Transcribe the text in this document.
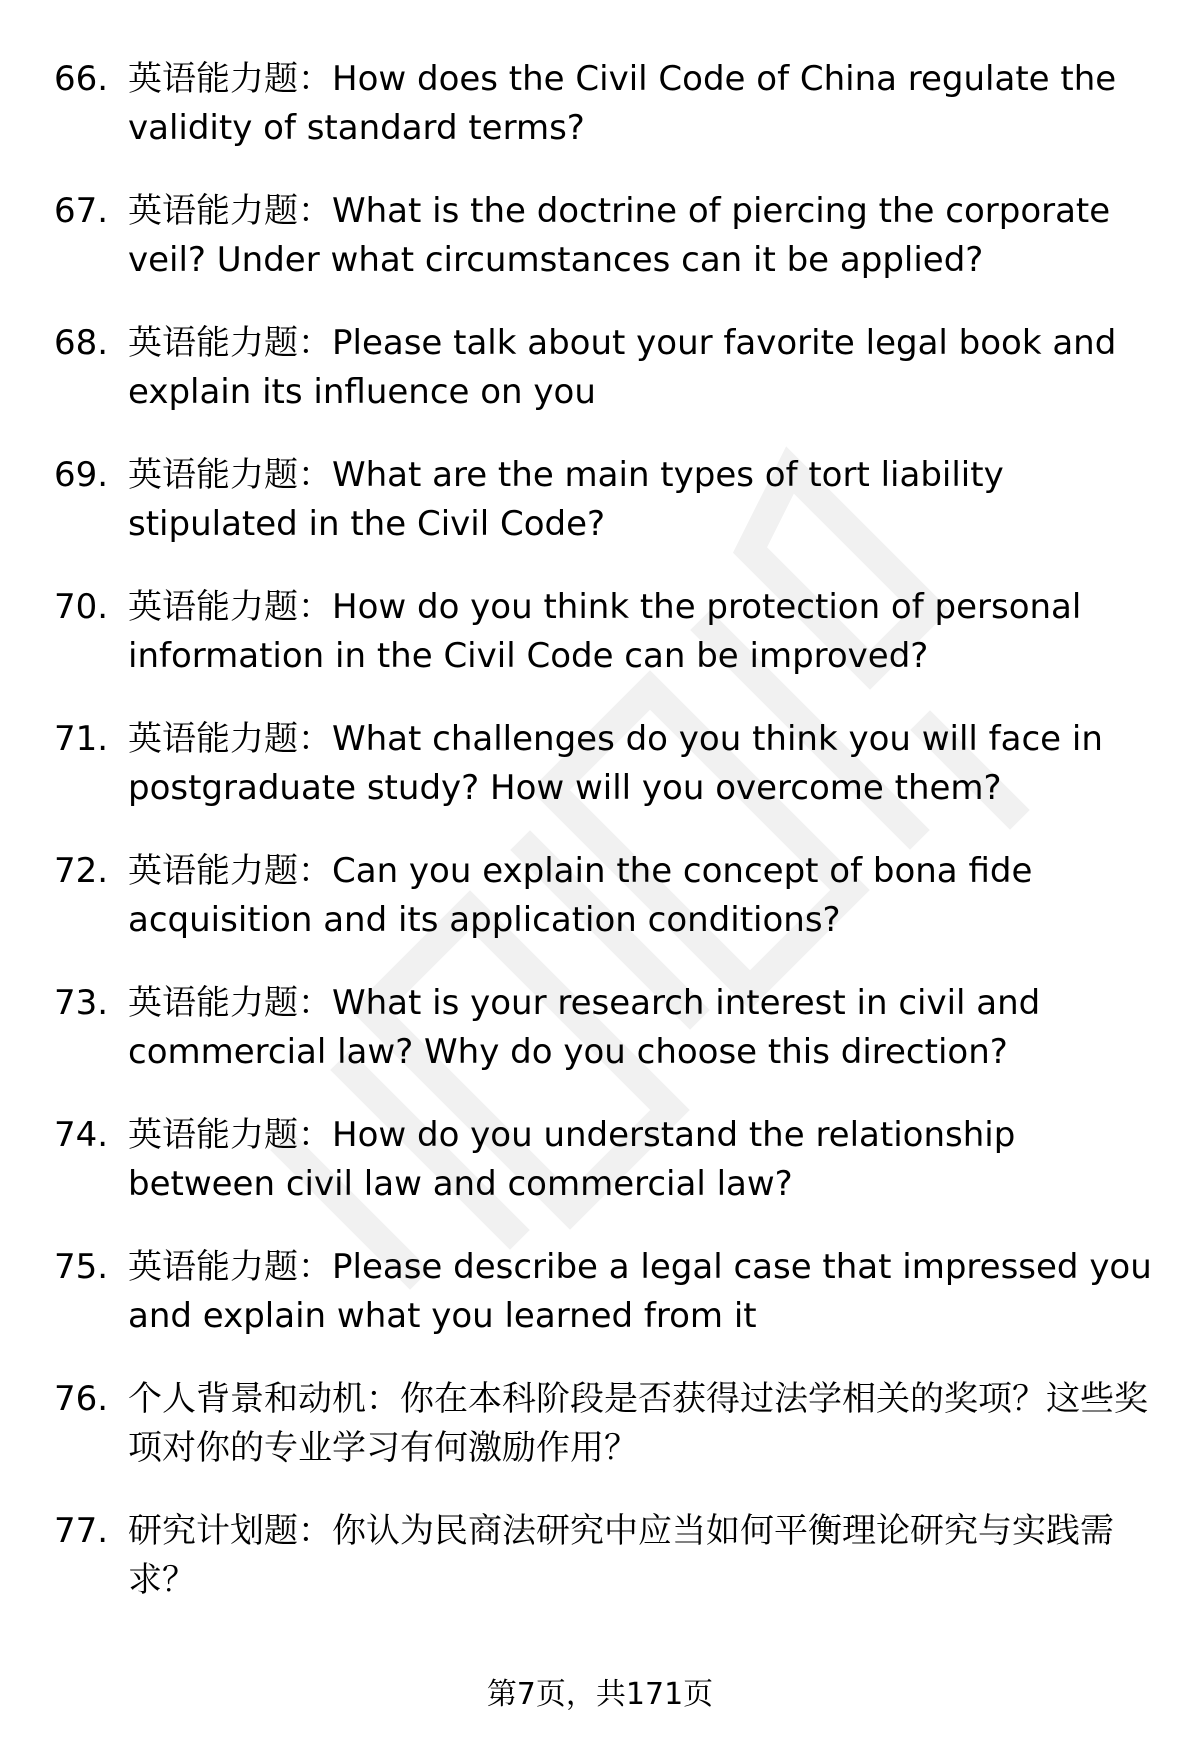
66. 英语能力题：How does the Civil Code of China regulate the validity of standard terms?
67. 英语能力题：What is the doctrine of piercing the corporate veil? Under what circumstances can it be applied?
68. 英语能力题：Please talk about your favorite legal book and explain its influence on you
69. 英语能力题：What are the main types of tort liability stipulated in the Civil Code?
70. 英语能力题：How do you think the protection of personal information in the Civil Code can be improved?
71. 英语能力题：What challenges do you think you will face in postgraduate study? How will you overcome them?
72. 英语能力题：Can you explain the concept of bona fide acquisition and its application conditions?
73. 英语能力题：What is your research interest in civil and commercial law? Why do you choose this direction?
74. 英语能力题：How do you understand the relationship between civil law and commercial law?
75. 英语能力题：Please describe a legal case that impressed you and explain what you learned from it
76. 个人背景和动机：你在本科阶段是否获得过法学相关的奖项？这些奖项对你的专业学习有何激励作用？
77. 研究计划题：你认为民商法研究中应当如何平衡理论研究与实践需求？
第7页，共171页
